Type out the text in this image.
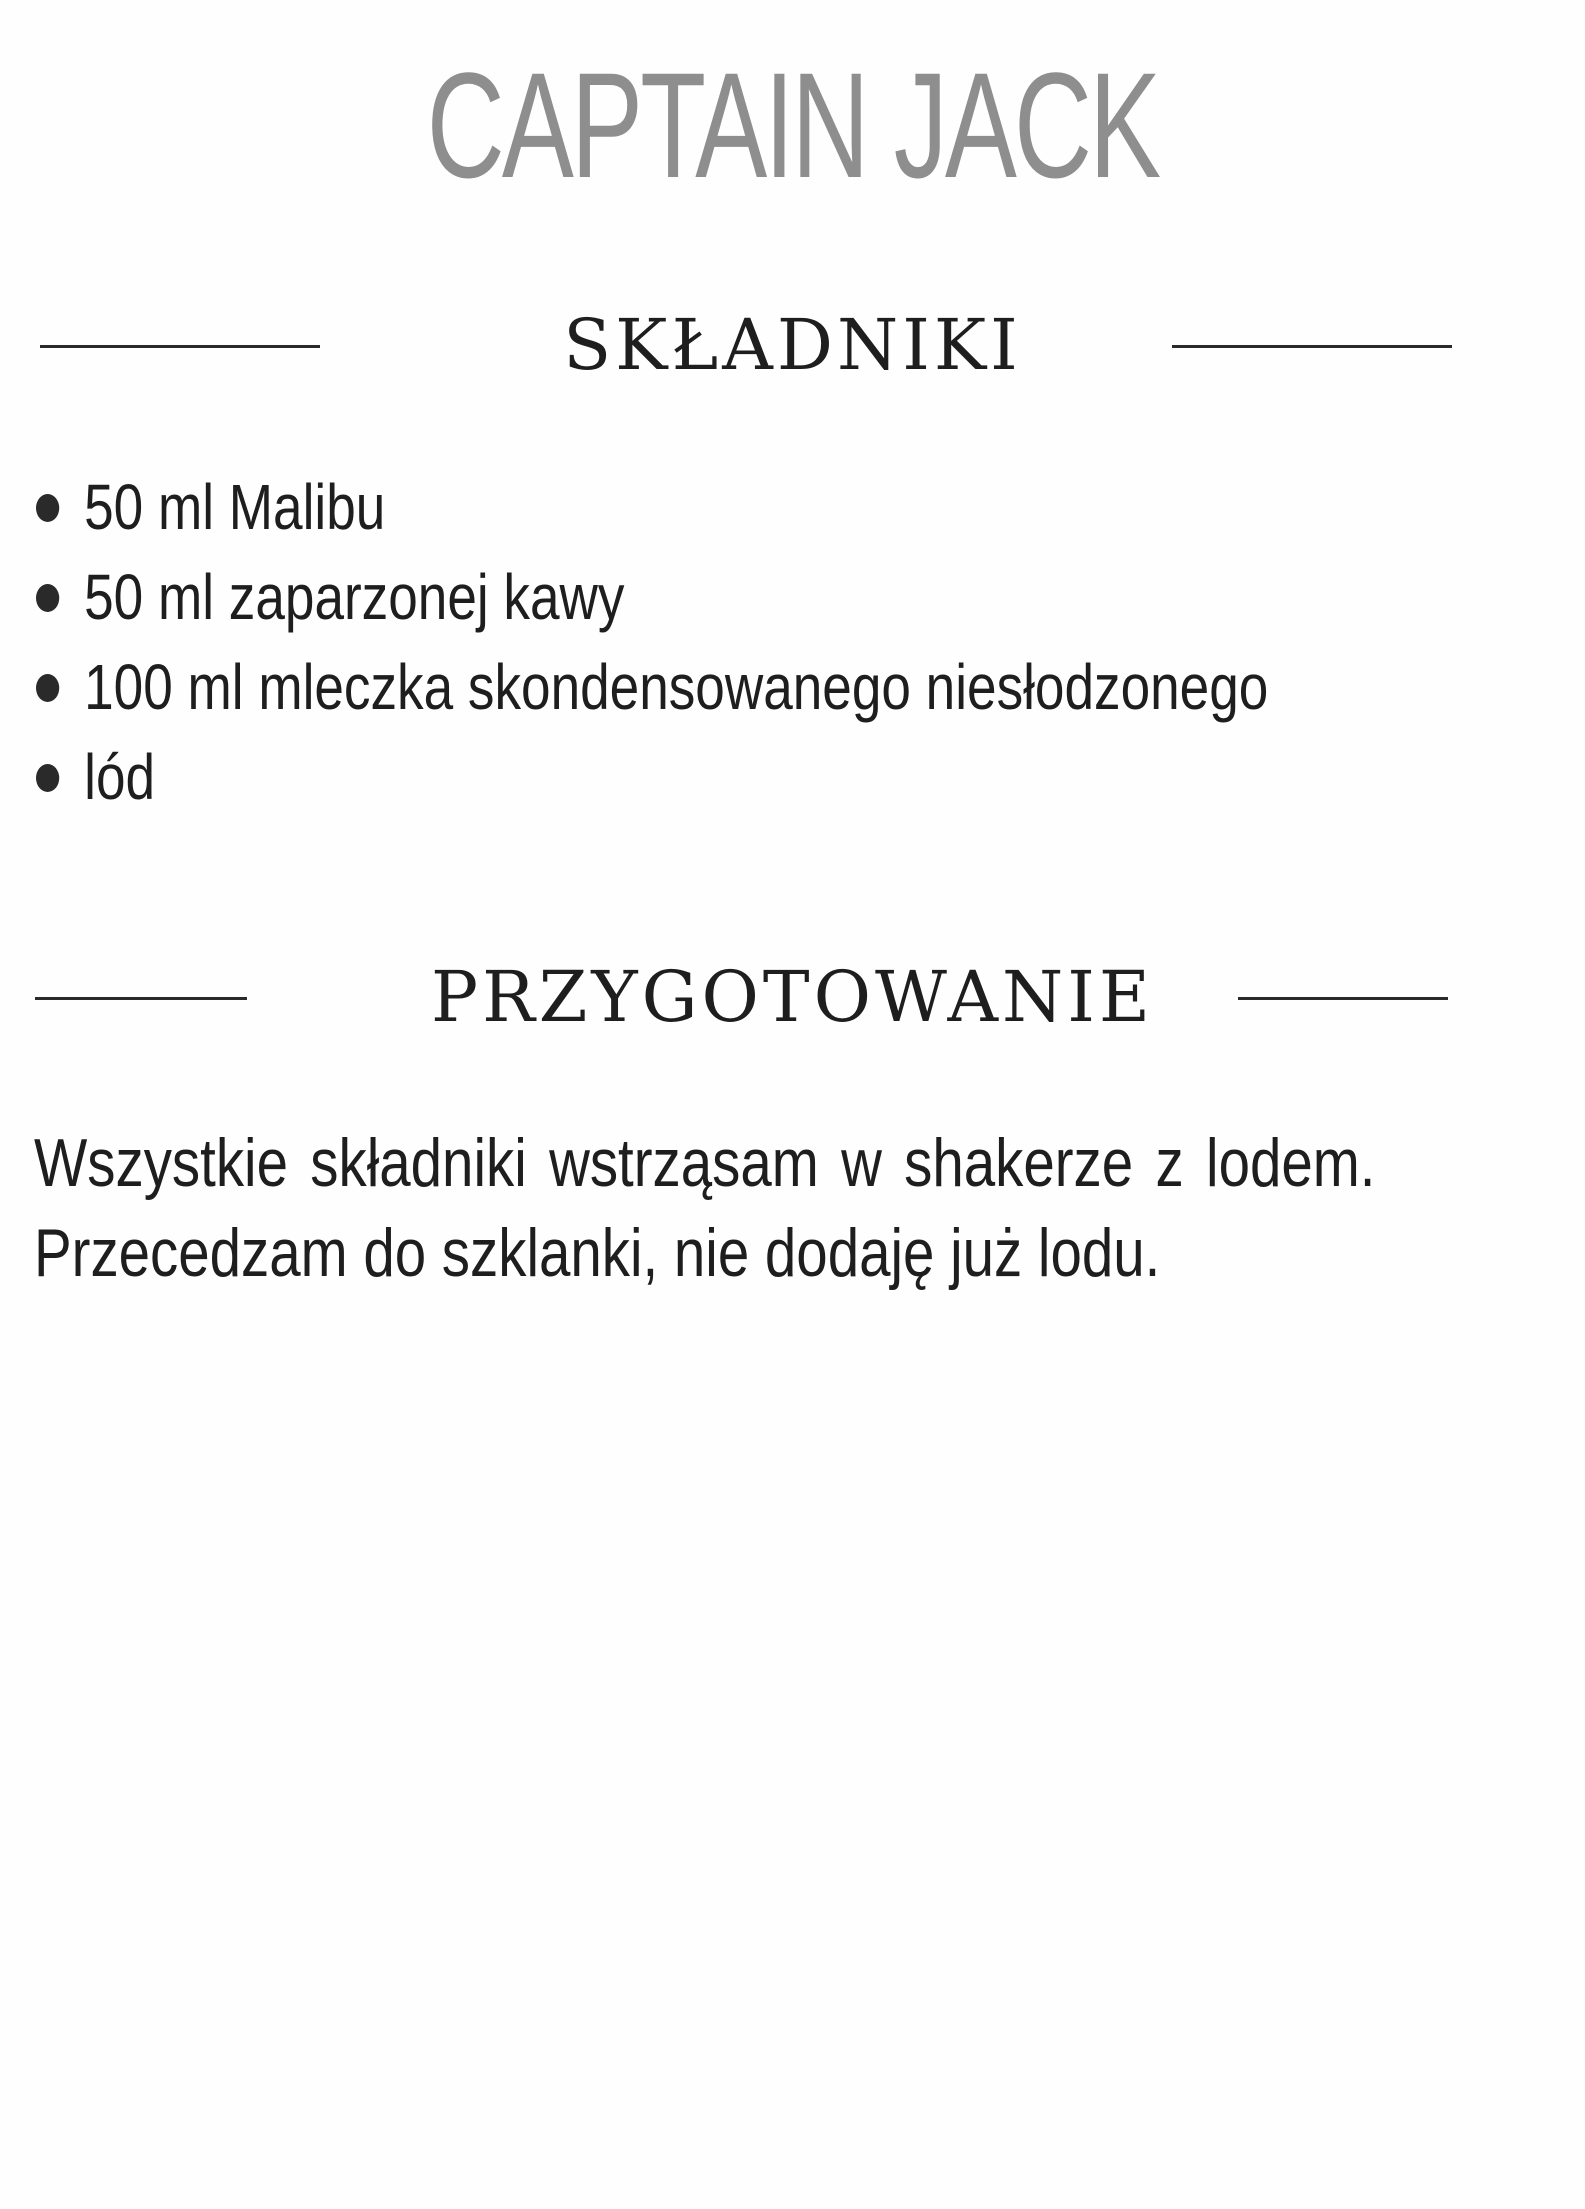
CAPTAIN JACK
SKŁADNIKI
50 ml Malibu
50 ml zaparzonej kawy
100 ml mleczka skondensowanego niesłodzonego
lód
PRZYGOTOWANIE
Wszystkie składniki wstrząsam w shakerze z lodem.
Przecedzam do szklanki, nie dodaję już lodu.
